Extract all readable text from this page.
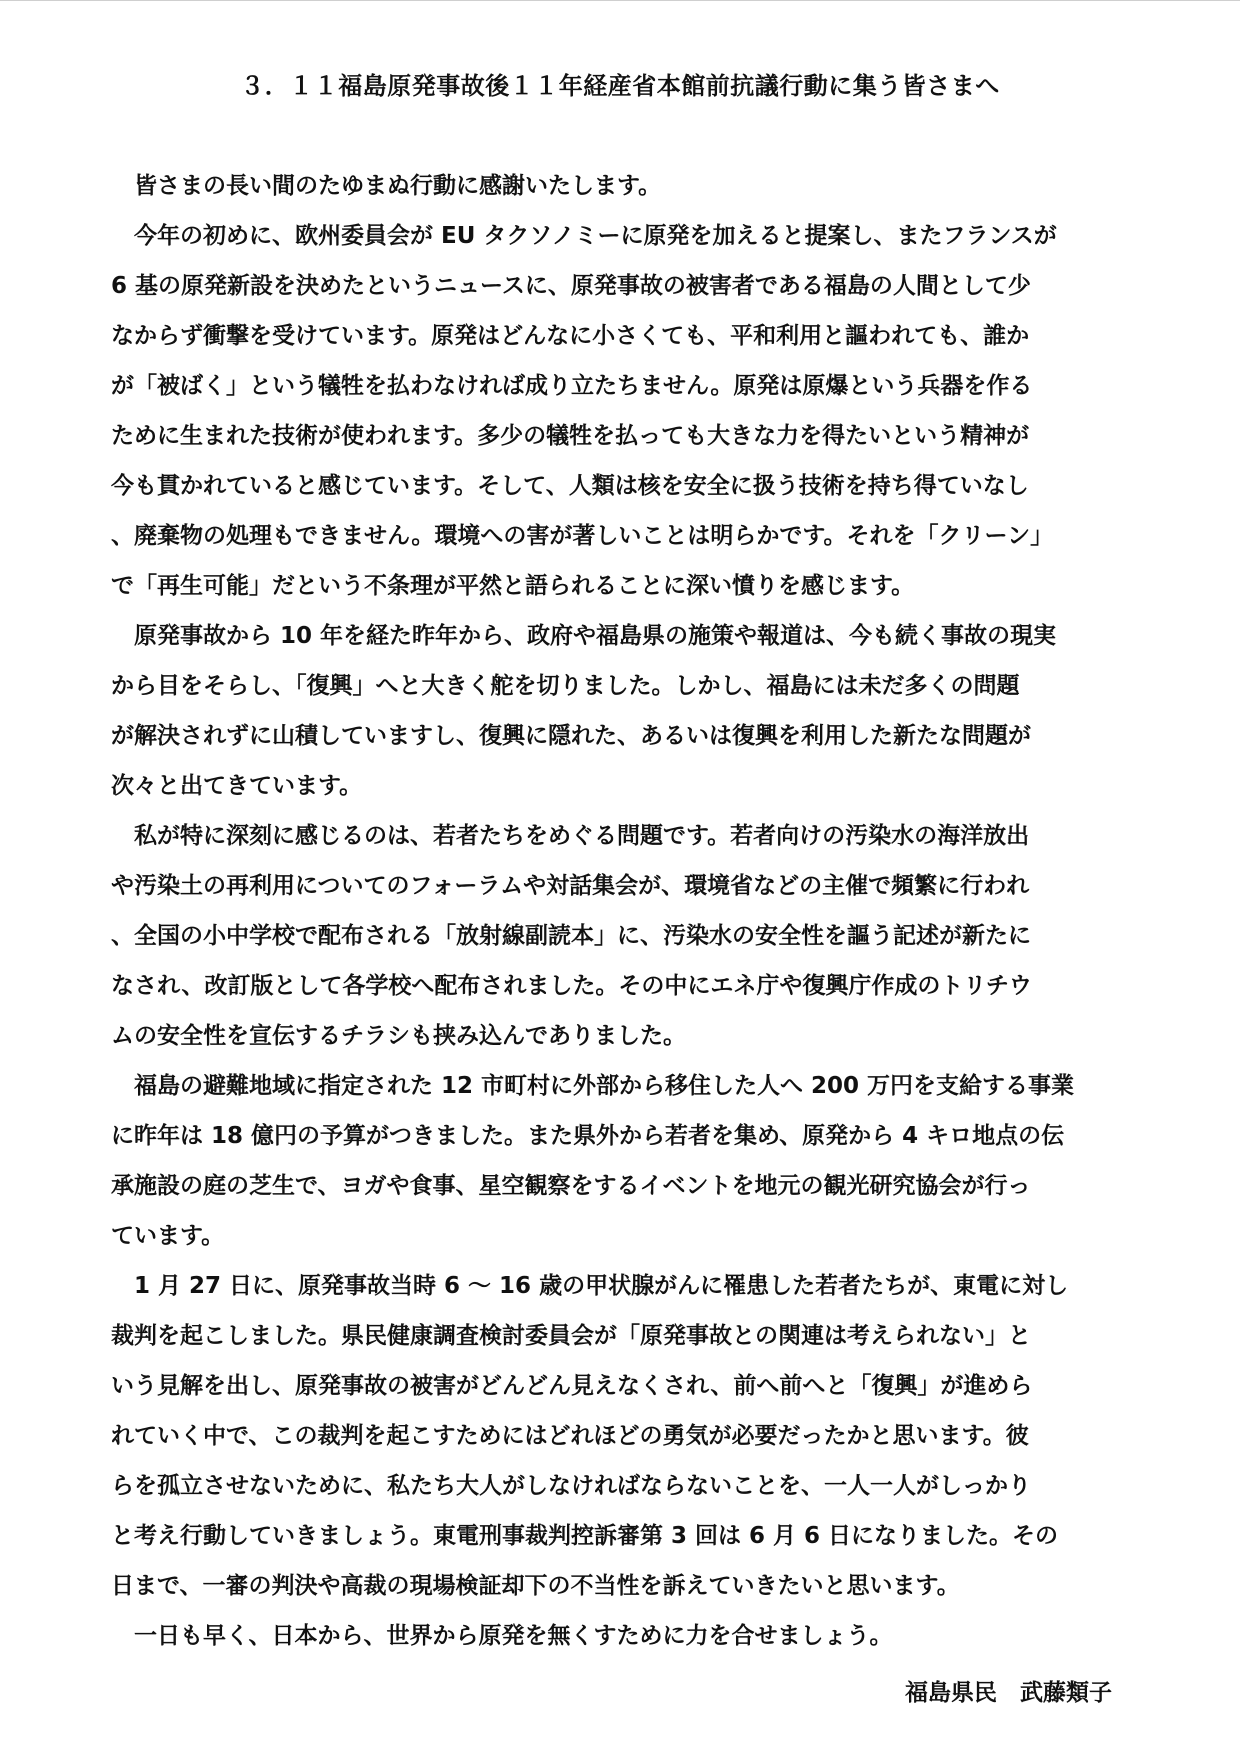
３．１１福島原発事故後１１年経産省本館前抗議行動に集う皆さまへ
皆さまの長い間のたゆまぬ行動に感謝いたします。
今年の初めに、欧州委員会が EU タクソノミーに原発を加えると提案し、またフランスが
6 基の原発新設を決めたというニュースに、原発事故の被害者である福島の人間として少
なからず衝撃を受けています。原発はどんなに小さくても、平和利用と謳われても、誰か
が「被ばく」という犠牲を払わなければ成り立たちません。原発は原爆という兵器を作る
ために生まれた技術が使われます。多少の犠牲を払っても大きな力を得たいという精神が
今も貫かれていると感じています。そして、人類は核を安全に扱う技術を持ち得ていなし
、廃棄物の処理もできません。環境への害が著しいことは明らかです。それを「クリーン」
で「再生可能」だという不条理が平然と語られることに深い憤りを感じます。
原発事故から 10 年を経た昨年から、政府や福島県の施策や報道は、今も続く事故の現実
から目をそらし、「復興」へと大きく舵を切りました。しかし、福島には未だ多くの問題
が解決されずに山積していますし、復興に隠れた、あるいは復興を利用した新たな問題が
次々と出てきています。
私が特に深刻に感じるのは、若者たちをめぐる問題です。若者向けの汚染水の海洋放出
や汚染土の再利用についてのフォーラムや対話集会が、環境省などの主催で頻繁に行われ
、全国の小中学校で配布される「放射線副読本」に、汚染水の安全性を謳う記述が新たに
なされ、改訂版として各学校へ配布されました。その中にエネ庁や復興庁作成のトリチウ
ムの安全性を宣伝するチラシも挟み込んでありました。
福島の避難地域に指定された 12 市町村に外部から移住した人へ 200 万円を支給する事業
に昨年は 18 億円の予算がつきました。また県外から若者を集め、原発から 4 キロ地点の伝
承施設の庭の芝生で、ヨガや食事、星空観察をするイベントを地元の観光研究協会が行っ
ています。
1 月 27 日に、原発事故当時 6 ～ 16 歳の甲状腺がんに罹患した若者たちが、東電に対し
裁判を起こしました。県民健康調査検討委員会が「原発事故との関連は考えられない」と
いう見解を出し、原発事故の被害がどんどん見えなくされ、前へ前へと「復興」が進めら
れていく中で、この裁判を起こすためにはどれほどの勇気が必要だったかと思います。彼
らを孤立させないために、私たち大人がしなければならないことを、一人一人がしっかり
と考え行動していきましょう。東電刑事裁判控訴審第 3 回は 6 月 6 日になりました。その
日まで、一審の判決や高裁の現場検証却下の不当性を訴えていきたいと思います。
一日も早く、日本から、世界から原発を無くすために力を合せましょう。
福島県民　武藤類子
